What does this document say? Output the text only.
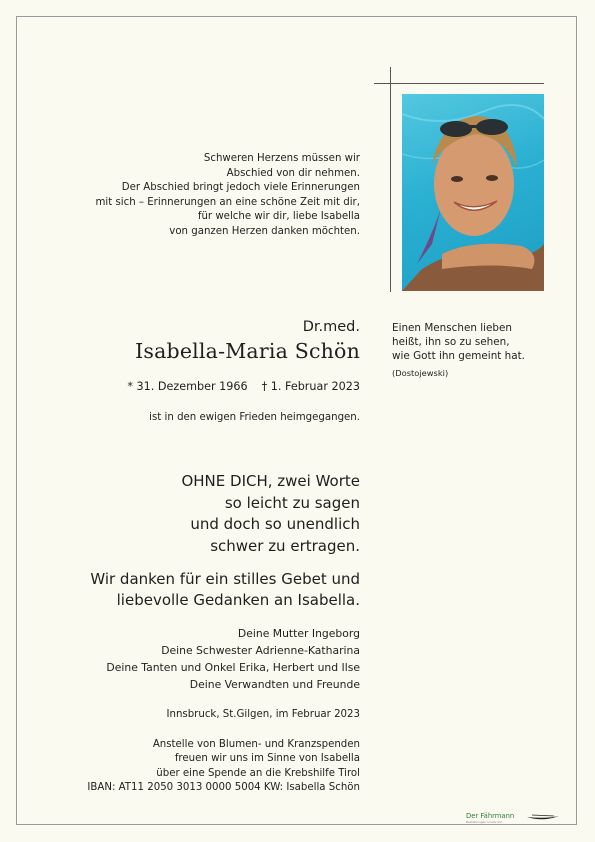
Schweren Herzens müssen wir
Abschied von dir nehmen.
Der Abschied bringt jedoch viele Erinnerungen
mit sich – Erinnerungen an eine schöne Zeit mit dir,
für welche wir dir, liebe Isabella
von ganzen Herzen danken möchten.
Einen Menschen lieben
heißt, ihn so zu sehen,
wie Gott ihn gemeint hat.
(Dostojewski)
Dr.med.
Isabella-Maria Schön
* 31. Dezember 1966 † 1. Februar 2023
ist in den ewigen Frieden heimgegangen.
OHNE DICH, zwei Worte
so leicht zu sagen
und doch so unendlich
schwer zu ertragen.
Wir danken für ein stilles Gebet und
liebevolle Gedanken an Isabella.
Deine Mutter Ingeborg
Deine Schwester Adrienne-Katharina
Deine Tanten und Onkel Erika, Herbert und Ilse
Deine Verwandten und Freunde
Innsbruck, St.Gilgen, im Februar 2023
Anstelle von Blumen- und Kranzspenden
freuen wir uns im Sinne von Isabella
über eine Spende an die Krebshilfe Tirol
IBAN: AT11 2050 3013 0000 5004 KW: Isabella Schön
Der Fährmann
Bestattungen Innsbruck
